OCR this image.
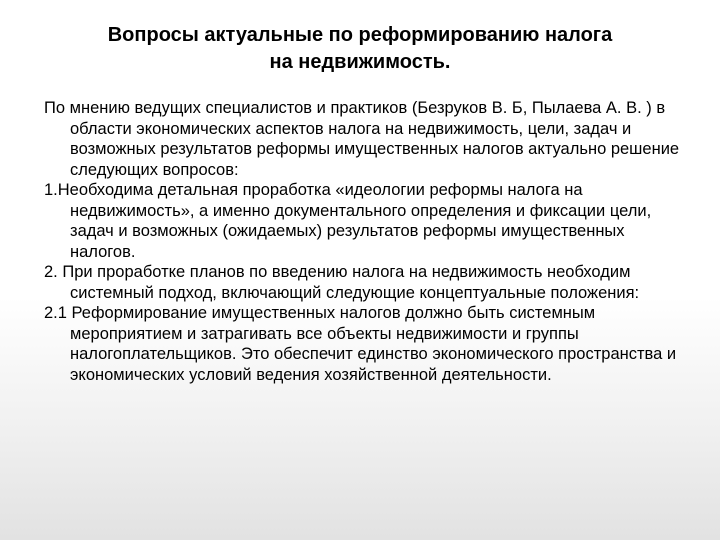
Вопросы актуальные по реформированию налога
на недвижимость.

По мнению ведущих специалистов и практиков (Безруков В. Б, Пылаева А. В. ) в области экономических аспектов налога на недвижимость, цели, задач и возможных результатов реформы имущественных налогов актуально решение следующих вопросов:

1.Необходима детальная проработка «идеологии реформы налога на недвижимость», а именно документального определения и фиксации цели, задач и возможных (ожидаемых) результатов реформы имущественных налогов.

2. При проработке планов по введению налога на недвижимость необходим системный подход, включающий следующие концептуальные положения:

2.1 Реформирование имущественных налогов должно быть системным мероприятием и затрагивать все объекты недвижимости и группы налогоплательщиков. Это обеспечит единство экономического пространства и экономических условий ведения хозяйственной деятельности.
